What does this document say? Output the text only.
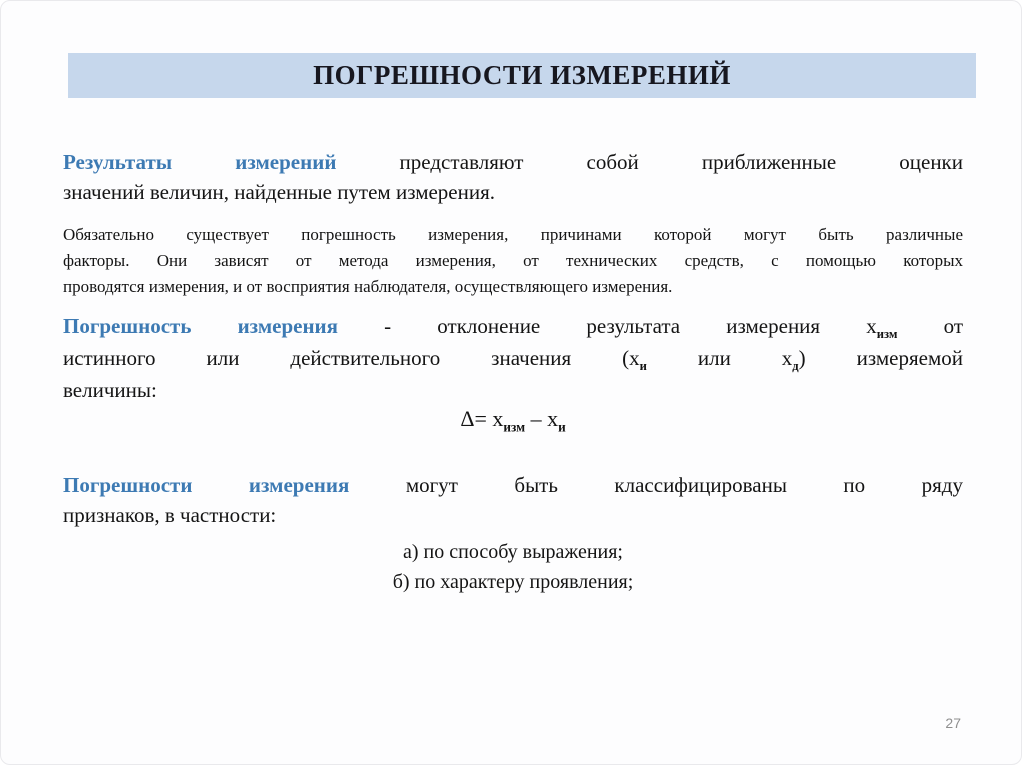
ПОГРЕШНОСТИ ИЗМЕРЕНИЙ
Результаты измерений	представляют собой приближенные оценки
значений величин, найденные путем измерения.
Обязательно существует погрешность измерения, причинами которой могут быть различные
факторы. Они зависят от метода измерения, от технических средств, с помощью которых
проводятся измерения, и от восприятия наблюдателя, осуществляющего измерения.
Погрешность измерения - отклонение результата измерения $х_{изм}$ от
истинного или действительного значения ($х_и$ или $х_д$) измеряемой
величины:
$\Delta= х_{изм} - х_и$
Погрешности измерения	могут быть классифицированы по ряду
признаков, в частности:
а) по способу выражения;
б) по характеру проявления;
27
